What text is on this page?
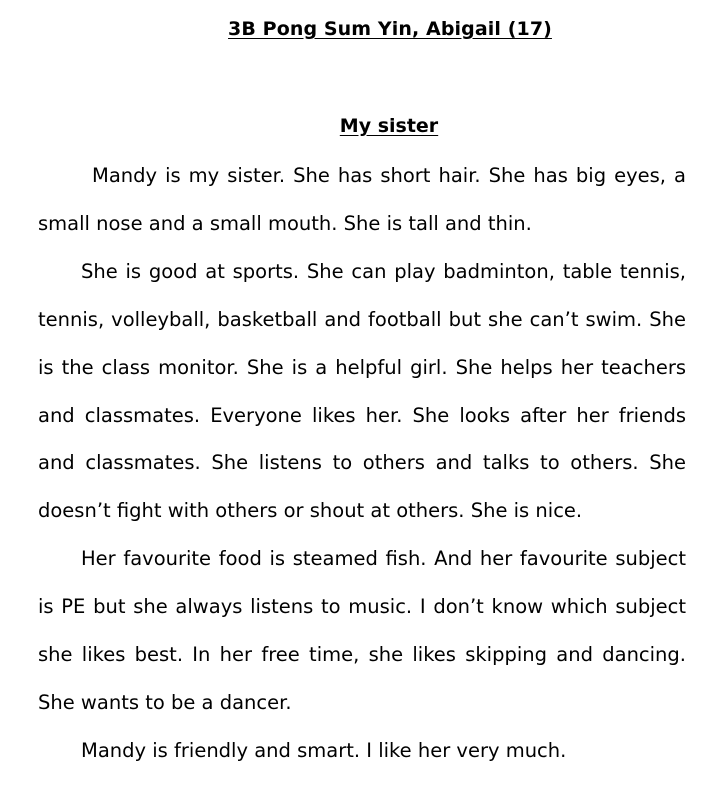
3B Pong Sum Yin, Abigail (17)
My sister

Mandy is my sister. She has short hair. She has big eyes, a small nose and a small mouth. She is tall and thin.

She is good at sports. She can play badminton, table tennis, tennis, volleyball, basketball and football but she can’t swim. She is the class monitor. She is a helpful girl. She helps her teachers and classmates. Everyone likes her. She looks after her friends and classmates. She listens to others and talks to others. She doesn’t fight with others or shout at others. She is nice.

Her favourite food is steamed fish. And her favourite subject is PE but she always listens to music. I don’t know which subject she likes best. In her free time, she likes skipping and dancing. She wants to be a dancer.

Mandy is friendly and smart. I like her very much.
